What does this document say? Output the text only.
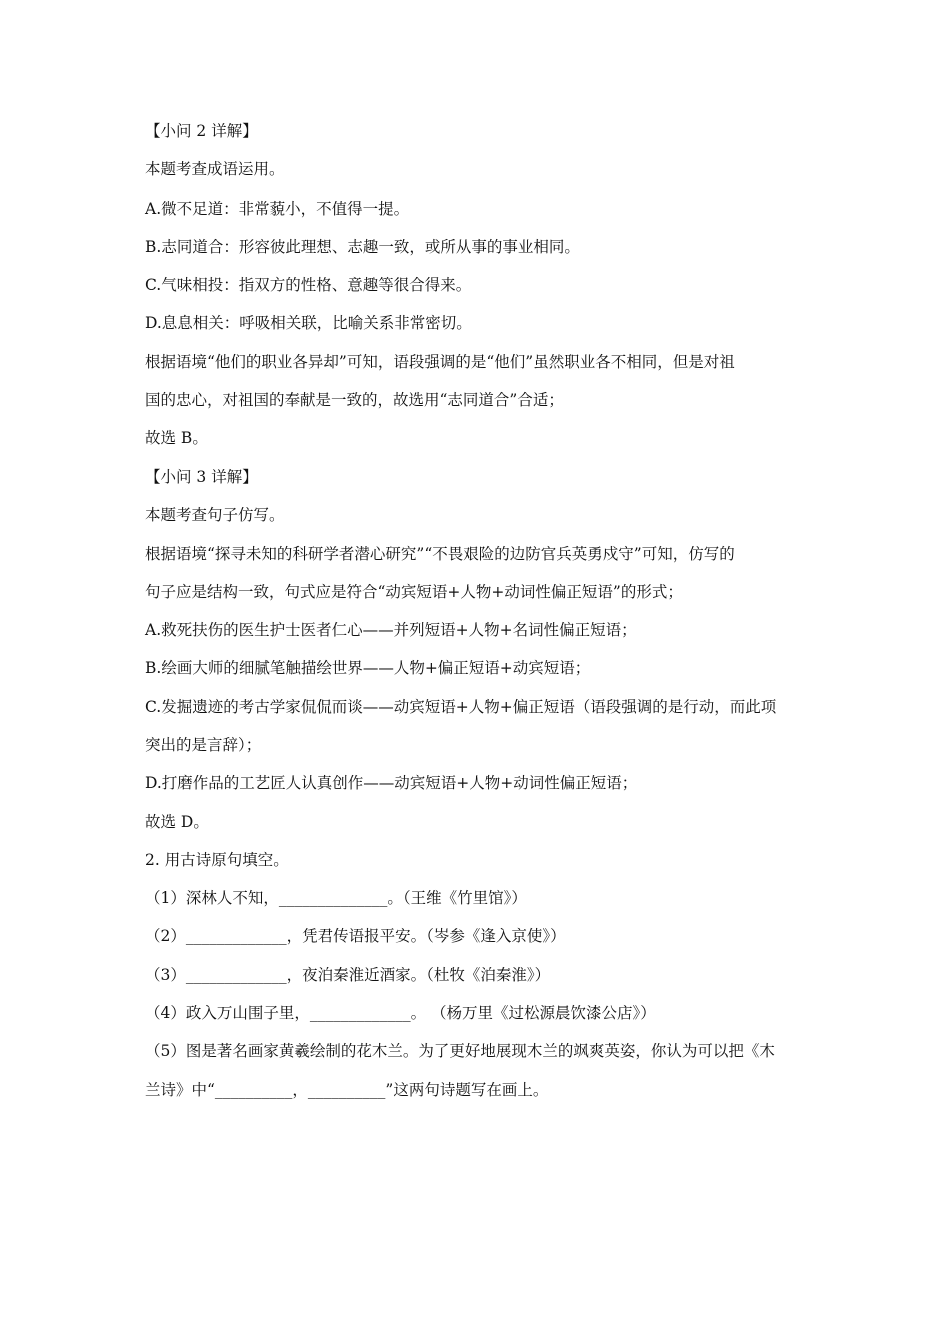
【小问 2 详解】
本题考查成语运用。
A.微不足道：非常藐小，不值得一提。
B.志同道合：形容彼此理想、志趣一致，或所从事的事业相同。
C.气味相投：指双方的性格、意趣等很合得来。
D.息息相关：呼吸相关联，比喻关系非常密切。
根据语境“他们的职业各异却”可知，语段强调的是“他们”虽然职业各不相同，但是对祖
国的忠心，对祖国的奉献是一致的，故选用“志同道合”合适；
故选 B。
【小问 3 详解】
本题考查句子仿写。
根据语境“探寻未知的科研学者潜心研究”“不畏艰险的边防官兵英勇戍守”可知，仿写的
句子应是结构一致，句式应是符合“动宾短语+人物+动词性偏正短语”的形式；
A.救死扶伤的医生护士医者仁心——并列短语+人物+名词性偏正短语；
B.绘画大师的细腻笔触描绘世界——人物+偏正短语+动宾短语；
C.发掘遗迹的考古学家侃侃而谈——动宾短语+人物+偏正短语（语段强调的是行动，而此项
突出的是言辞）；
D.打磨作品的工艺匠人认真创作——动宾短语+人物+动词性偏正短语；
故选 D。
2. 用古诗原句填空。
（1）深林人不知，______________。（王维《竹里馆》）
（2）_____________，凭君传语报平安。（岑参《逢入京使》）
（3）_____________，夜泊秦淮近酒家。（杜牧《泊秦淮》）
（4）政入万山围子里，_____________。 （杨万里《过松源晨饮漆公店》）
（5）图是著名画家黄羲绘制的花木兰。为了更好地展现木兰的飒爽英姿，你认为可以把《木
兰诗》中“__________，__________”这两句诗题写在画上。
